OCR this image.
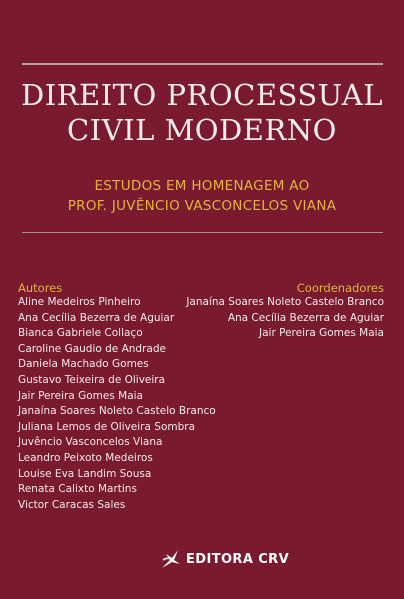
DIREITO PROCESSUAL
CIVIL MODERNO
ESTUDOS EM HOMENAGEM AO
PROF. JUVÊNCIO VASCONCELOS VIANA
Autores
Aline Medeiros Pinheiro
Ana Cecília Bezerra de Aguiar
Bianca Gabriele Collaço
Caroline Gaudio de Andrade
Daniela Machado Gomes
Gustavo Teixeira de Oliveira
Jair Pereira Gomes Maia
Janaína Soares Noleto Castelo Branco
Juliana Lemos de Oliveira Sombra
Juvêncio Vasconcelos Viana
Leandro Peixoto Medeiros
Louise Eva Landim Sousa
Renata Calixto Martins
Victor Caracas Sales
Coordenadores
Janaína Soares Noleto Castelo Branco
Ana Cecília Bezerra de Aguiar
Jair Pereira Gomes Maia
EDITORA CRV
